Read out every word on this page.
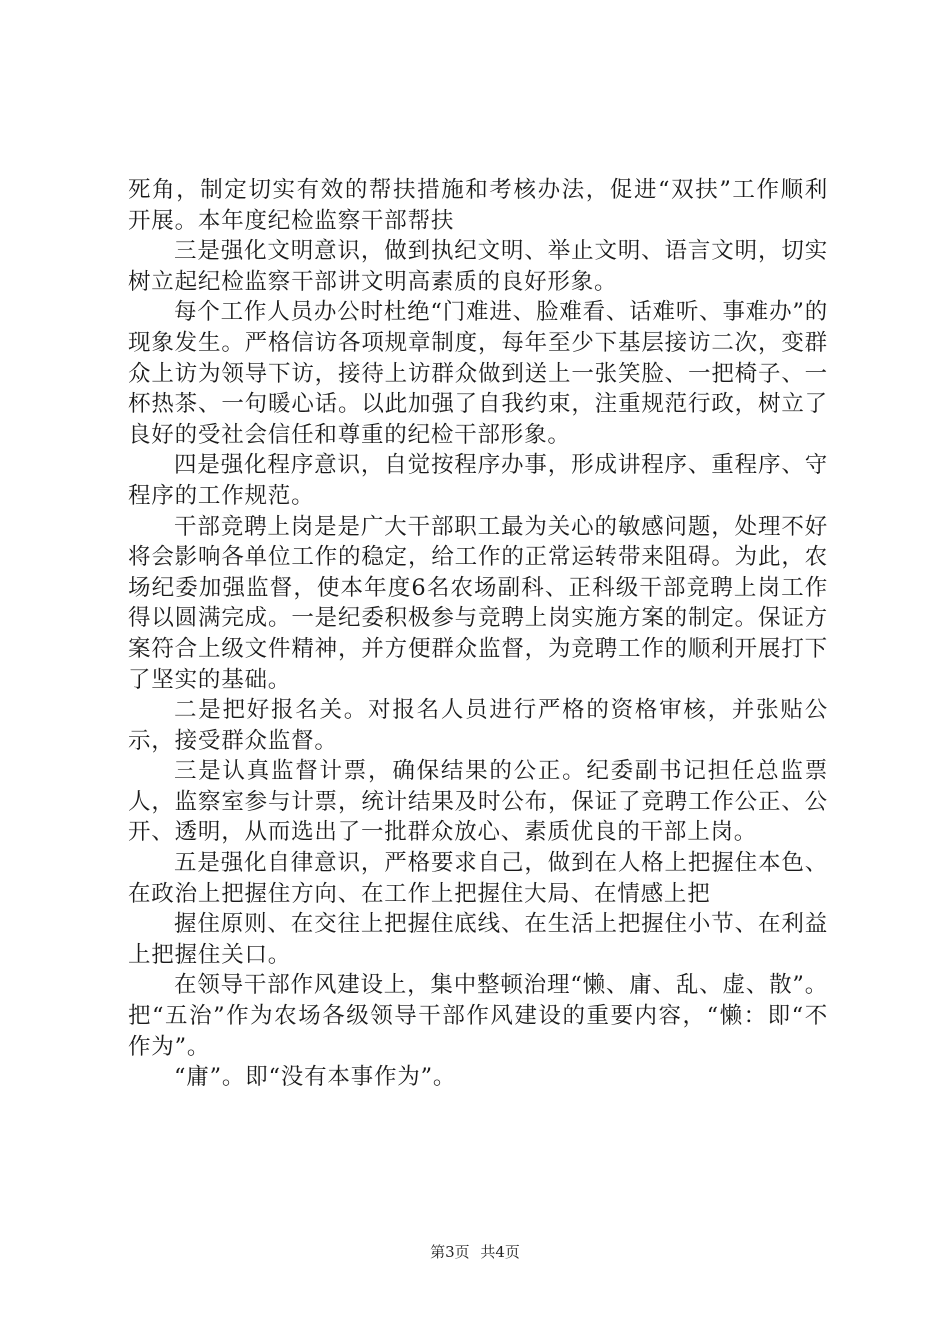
死角，制定切实有效的帮扶措施和考核办法，促进“双扶”工作顺利开展。本年度纪检监察干部帮扶

三是强化文明意识，做到执纪文明、举止文明、语言文明，切实树立起纪检监察干部讲文明高素质的良好形象。

每个工作人员办公时杜绝“门难进、脸难看、话难听、事难办”的现象发生。严格信访各项规章制度，每年至少下基层接访二次，变群众上访为领导下访，接待上访群众做到送上一张笑脸、一把椅子、一杯热茶、一句暖心话。以此加强了自我约束，注重规范行政，树立了良好的受社会信任和尊重的纪检干部形象。

四是强化程序意识，自觉按程序办事，形成讲程序、重程序、守程序的工作规范。

干部竞聘上岗是是广大干部职工最为关心的敏感问题，处理不好将会影响各单位工作的稳定，给工作的正常运转带来阻碍。为此，农场纪委加强监督，使本年度6名农场副科、正科级干部竞聘上岗工作得以圆满完成。一是纪委积极参与竞聘上岗实施方案的制定。保证方案符合上级文件精神，并方便群众监督，为竞聘工作的顺利开展打下了坚实的基础。

二是把好报名关。对报名人员进行严格的资格审核，并张贴公示，接受群众监督。

三是认真监督计票，确保结果的公正。纪委副书记担任总监票人，监察室参与计票，统计结果及时公布，保证了竞聘工作公正、公开、透明，从而选出了一批群众放心、素质优良的干部上岗。

五是强化自律意识，严格要求自己，做到在人格上把握住本色、在政治上把握住方向、在工作上把握住大局、在情感上把

握住原则、在交往上把握住底线、在生活上把握住小节、在利益上把握住关口。

在领导干部作风建设上，集中整顿治理“懒、庸、乱、虚、散”。把“五治”作为农场各级领导干部作风建设的重要内容，“懒：即“不作为”。

“庸”。即“没有本事作为”。

第3页 共4页
